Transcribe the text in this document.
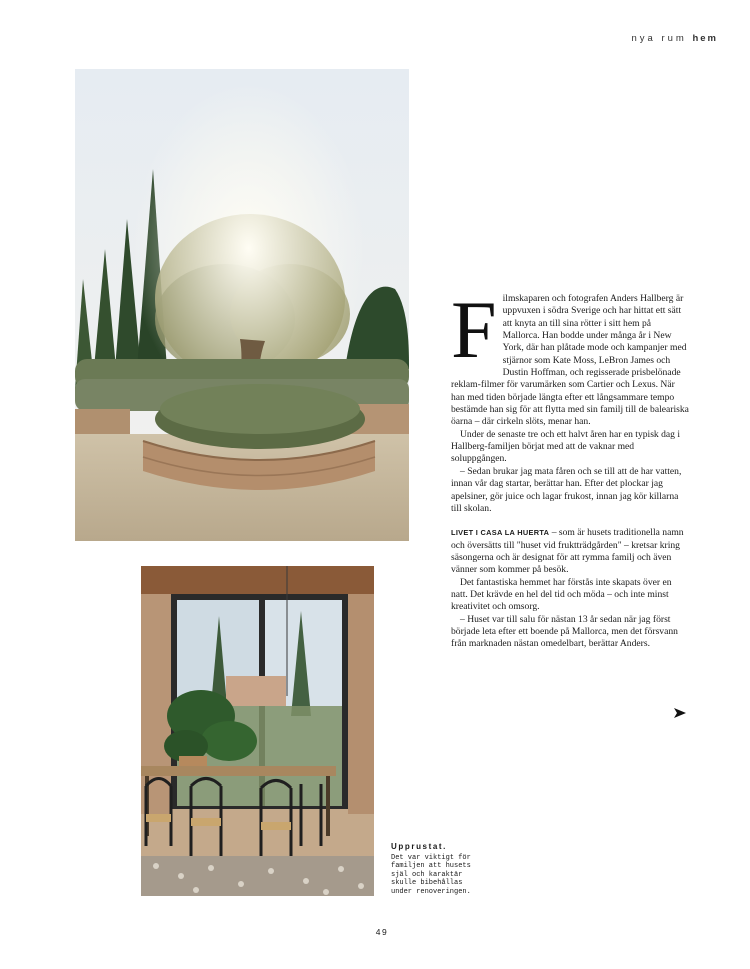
nya rum hem

Filmskaparen och fotografen Anders Hallberg är uppvuxen i södra Sverige och har hittat ett sätt att knyta an till sina rötter i sitt hem på Mallorca. Han bodde under många år i New York, där han plåtade mode och kampanjer med stjärnor som Kate Moss, LeBron James och Dustin Hoffman, och regisserade prisbelönade reklam-filmer för varumärken som Cartier och Lexus. När han med tiden började längta efter ett långsammare tempo bestämde han sig för att flytta med sin familj till de baleariska öarna – där cirkeln slöts, menar han.

Under de senaste tre och ett halvt åren har en typisk dag i Hallberg-familjen börjat med att de vaknar med soluppgången.

– Sedan brukar jag mata fåren och se till att de har vatten, innan vår dag startar, berättar han. Efter det plockar jag apelsiner, gör juice och lagar frukost, innan jag kör killarna till skolan.

LIVET I CASA LA HUERTA – som är husets traditionella namn och översätts till "huset vid fruktträdgården" – kretsar kring säsongerna och är designat för att rymma familj och även vänner som kommer på besök.

Det fantastiska hemmet har förstås inte skapats över en natt. Det krävde en hel del tid och möda – och inte minst kreativitet och omsorg.

– Huset var till salu för nästan 13 år sedan när jag först började leta efter ett boende på Mallorca, men det försvann från marknaden nästan omedelbart, berättar Anders.

Upprustat.
Det var viktigt för familjen att husets själ och karaktär skulle bibehållas under renoveringen.
49
